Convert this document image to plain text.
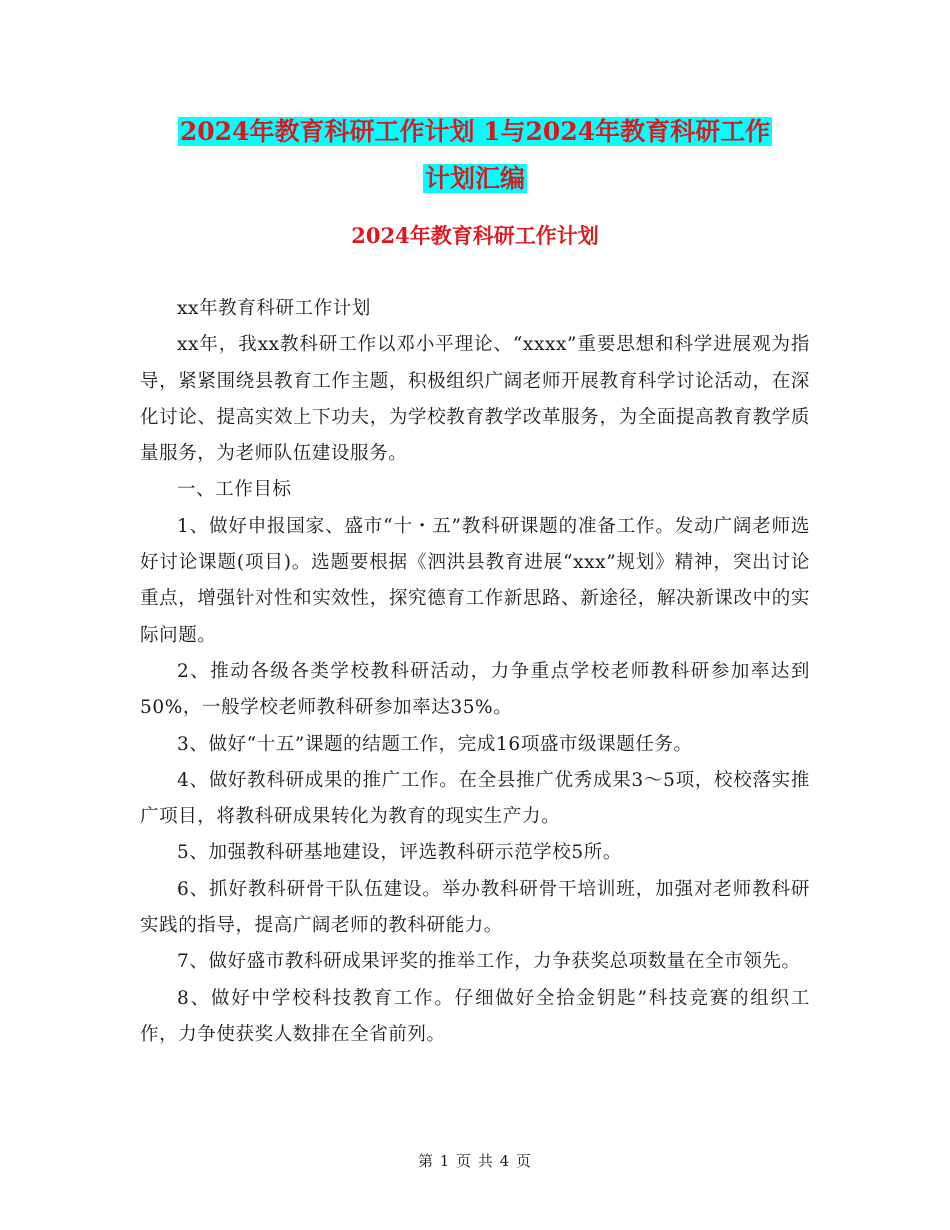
2024年教育科研工作计划 1与2024年教育科研工作
计划汇编
2024年教育科研工作计划

xx年教育科研工作计划

xx年，我xx教科研工作以邓小平理论、“xxxx”重要思想和科学进展观为指导，紧紧围绕县教育工作主题，积极组织广阔老师开展教育科学讨论活动，在深化讨论、提高实效上下功夫，为学校教育教学改革服务，为全面提高教育教学质量服务，为老师队伍建设服务。

一、工作目标

1、做好申报国家、盛市“十・五”教科研课题的准备工作。发动广阔老师选好讨论课题(项目)。选题要根据《泗洪县教育进展“xxx”规划》精神，突出讨论重点，增强针对性和实效性，探究德育工作新思路、新途径，解决新课改中的实际问题。

2、推动各级各类学校教科研活动，力争重点学校老师教科研参加率达到50%，一般学校老师教科研参加率达35%。

3、做好“十五”课题的结题工作，完成16项盛市级课题任务。

4、做好教科研成果的推广工作。在全县推广优秀成果3～5项，校校落实推广项目，将教科研成果转化为教育的现实生产力。

5、加强教科研基地建设，评选教科研示范学校5所。

6、抓好教科研骨干队伍建设。举办教科研骨干培训班，加强对老师教科研实践的指导，提高广阔老师的教科研能力。

7、做好盛市教科研成果评奖的推举工作，力争获奖总项数量在全市领先。

8、做好中学校科技教育工作。仔细做好全拾金钥匙”科技竞赛的组织工作，力争使获奖人数排在全省前列。

第 1 页 共 4 页
